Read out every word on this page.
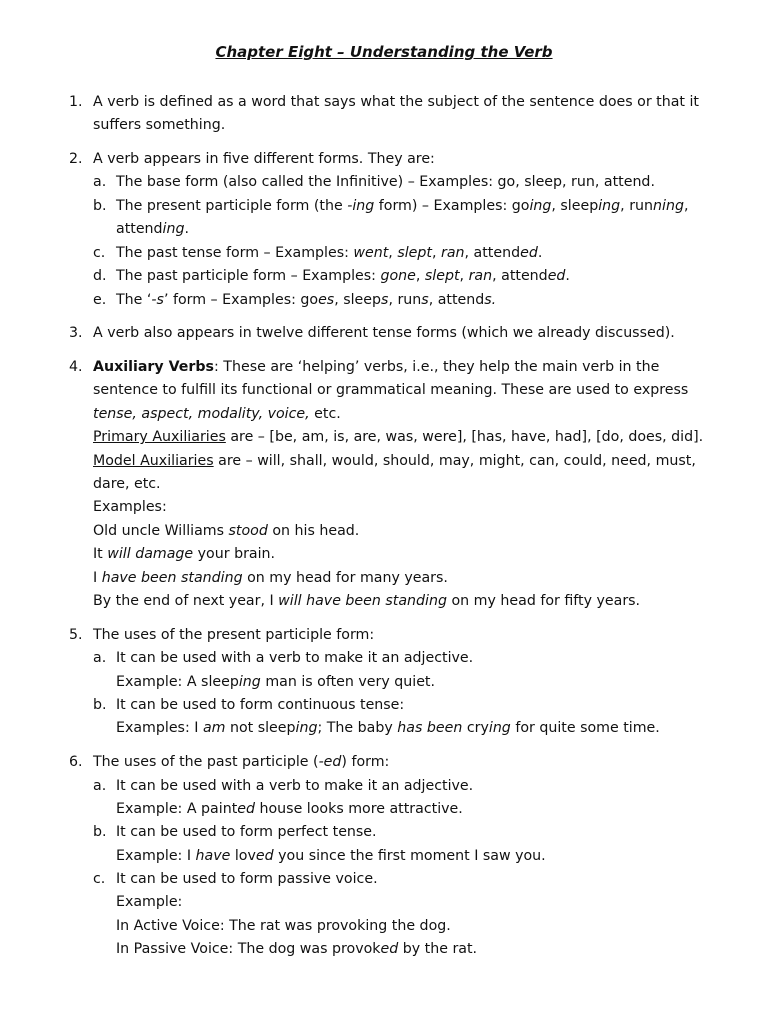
Chapter Eight – Understanding the Verb
1. A verb is defined as a word that says what the subject of the sentence does or that it
suffers something.
2. A verb appears in five different forms. They are:
a. The base form (also called the Infinitive) – Examples: go, sleep, run, attend.
b. The present participle form (the -ing form) – Examples: going, sleeping, running,
attending.
c. The past tense form – Examples: went, slept, ran, attended.
d. The past participle form – Examples: gone, slept, ran, attended.
e. The ‘-s’ form – Examples: goes, sleeps, runs, attends.
3. A verb also appears in twelve different tense forms (which we already discussed).
4. Auxiliary Verbs: These are ‘helping’ verbs, i.e., they help the main verb in the
sentence to fulfill its functional or grammatical meaning. These are used to express
tense, aspect, modality, voice, etc.
Primary Auxiliaries are – [be, am, is, are, was, were], [has, have, had], [do, does, did].
Model Auxiliaries are – will, shall, would, should, may, might, can, could, need, must,
dare, etc.
Examples:
Old uncle Williams stood on his head.
It will damage your brain.
I have been standing on my head for many years.
By the end of next year, I will have been standing on my head for fifty years.
5. The uses of the present participle form:
a. It can be used with a verb to make it an adjective.
Example: A sleeping man is often very quiet.
b. It can be used to form continuous tense:
Examples: I am not sleeping; The baby has been crying for quite some time.
6. The uses of the past participle (-ed) form:
a. It can be used with a verb to make it an adjective.
Example: A painted house looks more attractive.
b. It can be used to form perfect tense.
Example: I have loved you since the first moment I saw you.
c. It can be used to form passive voice.
Example:
In Active Voice: The rat was provoking the dog.
In Passive Voice: The dog was provoked by the rat.
